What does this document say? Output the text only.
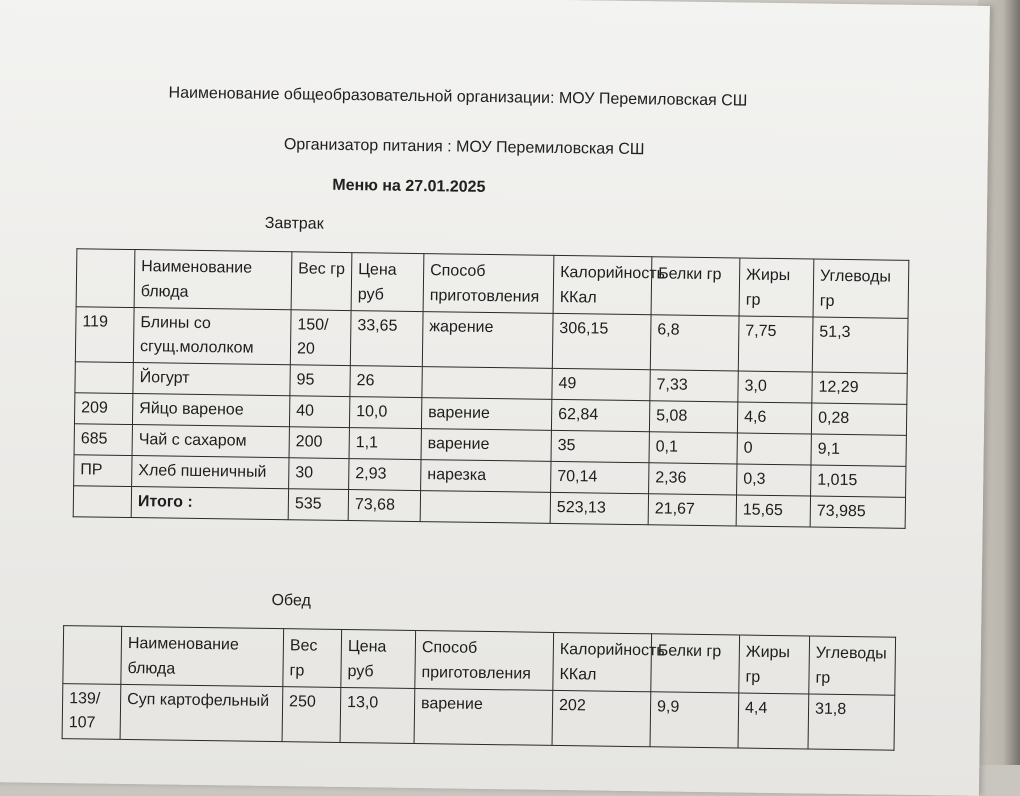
Наименование общеобразовательной организации: МОУ Перемиловская СШ
Организатор питания : МОУ Перемиловская СШ
Меню на 27.01.2025
Завтрак
	Наименование блюда	Вес гр	Цена руб	Способ приготовления	Калорийность ККал	Белки гр	Жиры гр	Углеводы гр
119	Блины со сгущ.мололком	150/ 20	33,65	жарение	306,15	6,8	7,75	51,3
	Йогурт	95	26		49	7,33	3,0	12,29
209	Яйцо вареное	40	10,0	варение	62,84	5,08	4,6	0,28
685	Чай с сахаром	200	1,1	варение	35	0,1	0	9,1
ПР	Хлеб пшеничный	30	2,93	нарезка	70,14	2,36	0,3	1,015
	Итого :	535	73,68		523,13	21,67	15,65	73,985
Обед
	Наименование блюда	Вес гр	Цена руб	Способ приготовления	Калорийность ККал	Белки гр	Жиры гр	Углеводы гр
139/ 107	Суп картофельный	250	13,0	варение	202	9,9	4,4	31,8
